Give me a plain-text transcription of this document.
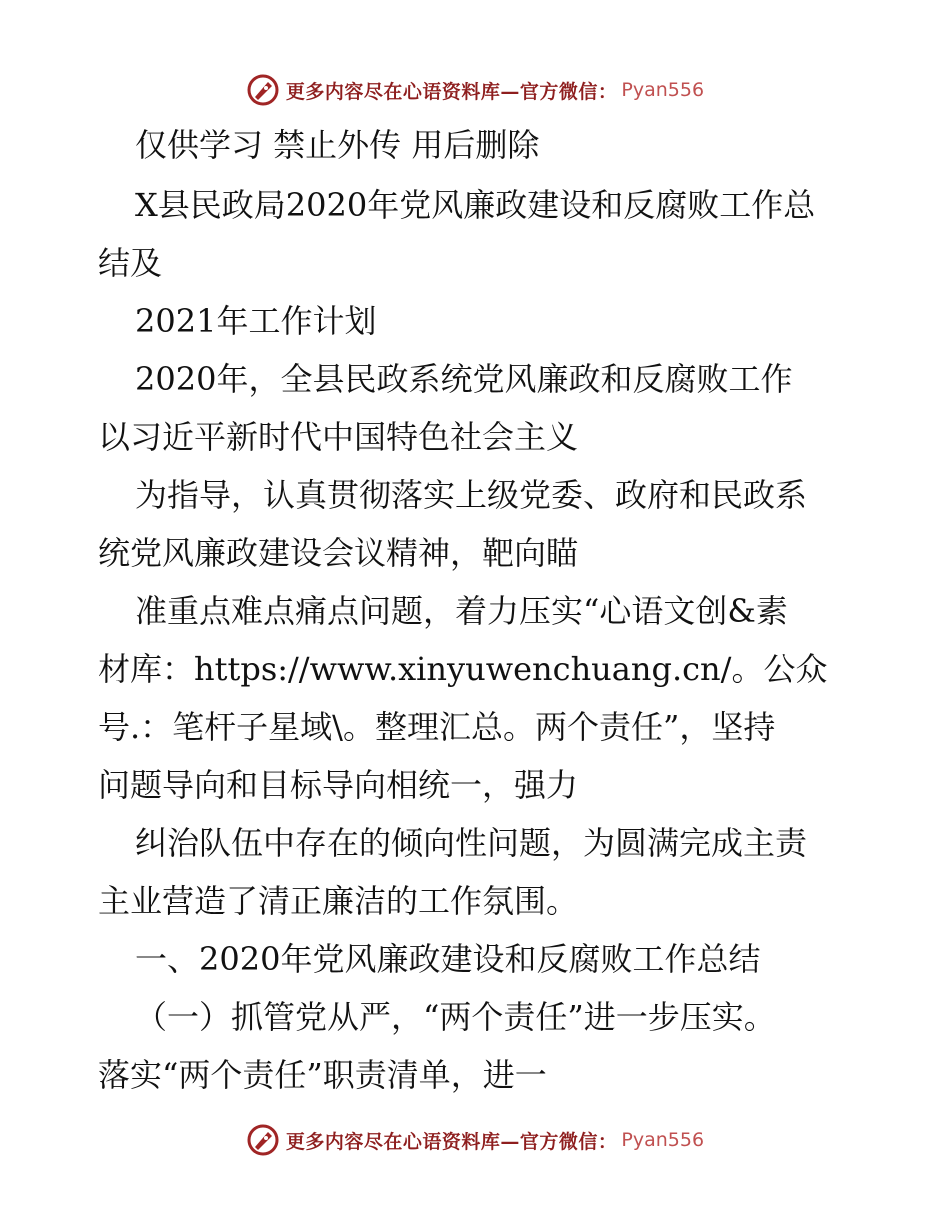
更多内容尽在心语资料库—官方微信： Pyan556
仅供学习 禁止外传 用后删除
X县民政局2020年党风廉政建设和反腐败工作总
结及
2021年工作计划
2020年，全县民政系统党风廉政和反腐败工作
以习近平新时代中国特色社会主义
为指导，认真贯彻落实上级党委、政府和民政系
统党风廉政建设会议精神，靶向瞄
准重点难点痛点问题，着力压实“心语文创&素
材库：https://www.xinyuwenchuang.cn/。公众
号.：笔杆子星域\。整理汇总。两个责任”，坚持
问题导向和目标导向相统一，强力
纠治队伍中存在的倾向性问题，为圆满完成主责
主业营造了清正廉洁的工作氛围。
一、2020年党风廉政建设和反腐败工作总结
（一）抓管党从严，“两个责任”进一步压实。
落实“两个责任”职责清单，进一
更多内容尽在心语资料库—官方微信： Pyan556
